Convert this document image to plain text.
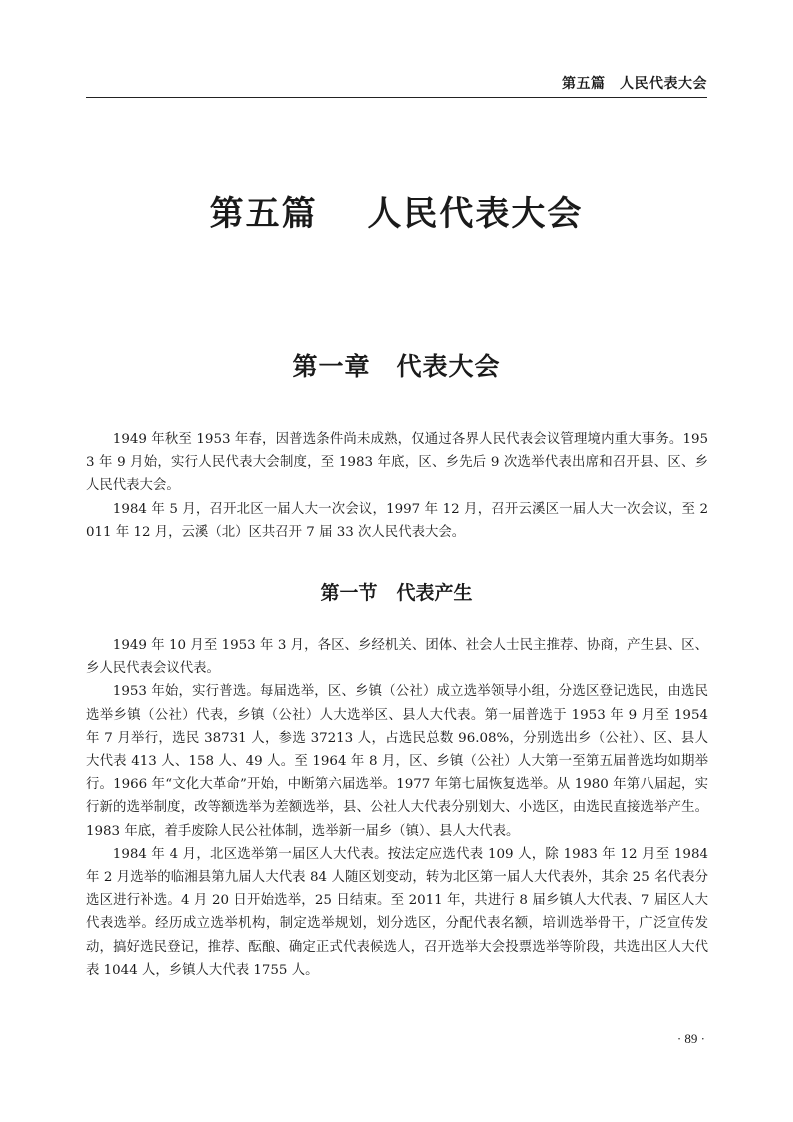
第五篇　人民代表大会
第五篇　 人民代表大会
第一章　代表大会

1949 年秋至 1953 年春，因普选条件尚未成熟，仅通过各界人民代表会议管理境内重大事务。1953 年 9 月始，实行人民代表大会制度，至 1983 年底，区、乡先后 9 次选举代表出席和召开县、区、乡人民代表大会。

1984 年 5 月，召开北区一届人大一次会议，1997 年 12 月，召开云溪区一届人大一次会议，至 2011 年 12 月，云溪（北）区共召开 7 届 33 次人民代表大会。

第一节　代表产生

1949 年 10 月至 1953 年 3 月，各区、乡经机关、团体、社会人士民主推荐、协商，产生县、区、乡人民代表会议代表。

1953 年始，实行普选。每届选举，区、乡镇（公社）成立选举领导小组，分选区登记选民，由选民选举乡镇（公社）代表，乡镇（公社）人大选举区、县人大代表。第一届普选于 1953 年 9 月至 1954 年 7 月举行，选民 38731 人，参选 37213 人，占选民总数 96.08%，分别选出乡（公社）、区、县人大代表 413 人、158 人、49 人。至 1964 年 8 月，区、乡镇（公社）人大第一至第五届普选均如期举行。1966 年“文化大革命”开始，中断第六届选举。1977 年第七届恢复选举。从 1980 年第八届起，实行新的选举制度，改等额选举为差额选举，县、公社人大代表分别划大、小选区，由选民直接选举产生。1983 年底，着手废除人民公社体制，选举新一届乡（镇）、县人大代表。

1984 年 4 月，北区选举第一届区人大代表。按法定应选代表 109 人，除 1983 年 12 月至 1984 年 2 月选举的临湘县第九届人大代表 84 人随区划变动，转为北区第一届人大代表外，其余 25 名代表分选区进行补选。4 月 20 日开始选举，25 日结束。至 2011 年，共进行 8 届乡镇人大代表、7 届区人大代表选举。经历成立选举机构，制定选举规划，划分选区，分配代表名额，培训选举骨干，广泛宣传发动，搞好选民登记，推荐、酝酿、确定正式代表候选人，召开选举大会投票选举等阶段，共选出区人大代表 1044 人，乡镇人大代表 1755 人。

· 89 ·
